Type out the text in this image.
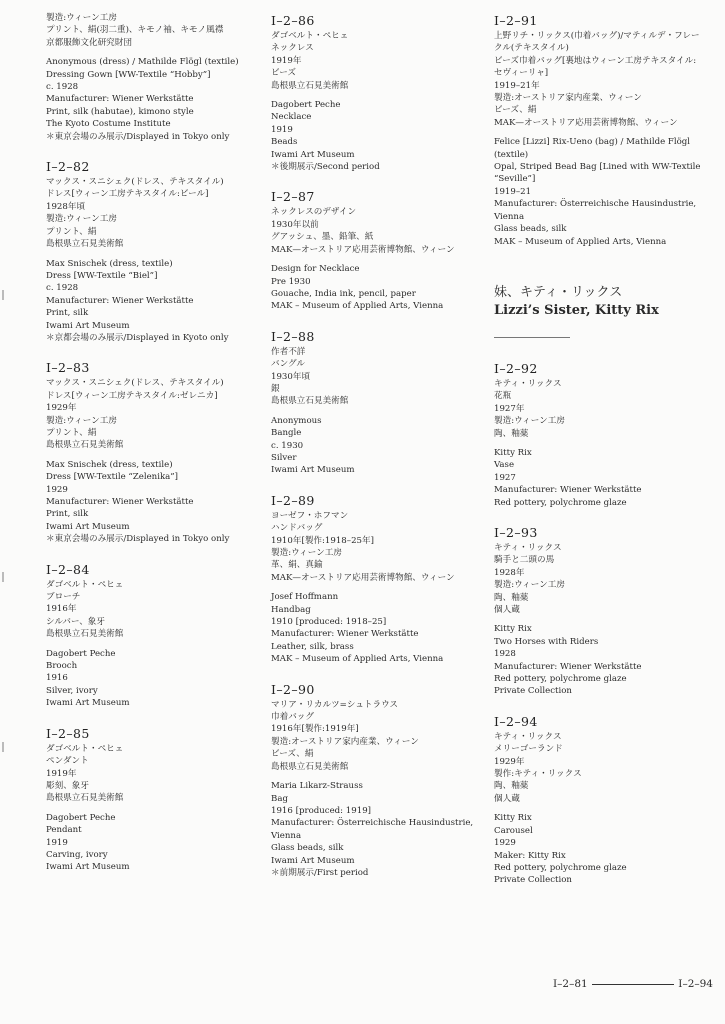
製造:ウィーン工房
プリント、絹(羽二重)、キモノ袖、キモノ風襟
京都服飾文化研究財団
Anonymous (dress) / Mathilde Flögl (textile)
Dressing Gown [WW-Textile “Hobby”]
c. 1928
Manufacturer: Wiener Werkstätte
Print, silk (habutae), kimono style
The Kyoto Costume Institute
＊東京会場のみ展示/Displayed in Tokyo only
I–2–82
マックス・スニシェク(ドレス、テキスタイル)
ドレス[ウィーン工房テキスタイル:ビール]
1928年頃
製造:ウィーン工房
プリント、絹
島根県立石見美術館
Max Snischek (dress, textile)
Dress [WW-Textile “Biel”]
c. 1928
Manufacturer: Wiener Werkstätte
Print, silk
Iwami Art Museum
＊京都会場のみ展示/Displayed in Kyoto only
I–2–83
マックス・スニシェク(ドレス、テキスタイル)
ドレス[ウィーン工房テキスタイル:ゼレニカ]
1929年
製造:ウィーン工房
プリント、絹
島根県立石見美術館
Max Snischek (dress, textile)
Dress [WW-Textile “Zelenika”]
1929
Manufacturer: Wiener Werkstätte
Print, silk
Iwami Art Museum
＊東京会場のみ展示/Displayed in Tokyo only
I–2–84
ダゴベルト・ペヒェ
ブローチ
1916年
シルバー、象牙
島根県立石見美術館
Dagobert Peche
Brooch
1916
Silver, ivory
Iwami Art Museum
I–2–85
ダゴベルト・ペヒェ
ペンダント
1919年
彫刻、象牙
島根県立石見美術館
Dagobert Peche
Pendant
1919
Carving, ivory
Iwami Art Museum
I–2–86
ダゴベルト・ペヒェ
ネックレス
1919年
ビーズ
島根県立石見美術館
Dagobert Peche
Necklace
1919
Beads
Iwami Art Museum
＊後期展示/Second period
I–2–87
ネックレスのデザイン
1930年以前
グアッシュ、墨、鉛筆、紙
MAK—オーストリア応用芸術博物館、ウィーン
Design for Necklace
Pre 1930
Gouache, India ink, pencil, paper
MAK – Museum of Applied Arts, Vienna
I–2–88
作者不詳
バングル
1930年頃
銀
島根県立石見美術館
Anonymous
Bangle
c. 1930
Silver
Iwami Art Museum
I–2–89
ヨーゼフ・ホフマン
ハンドバッグ
1910年[製作:1918–25年]
製造:ウィーン工房
革、絹、真鍮
MAK—オーストリア応用芸術博物館、ウィーン
Josef Hoffmann
Handbag
1910 [produced: 1918–25]
Manufacturer: Wiener Werkstätte
Leather, silk, brass
MAK – Museum of Applied Arts, Vienna
I–2–90
マリア・リカルツ=シュトラウス
巾着バッグ
1916年[製作:1919年]
製造:オーストリア家内産業、ウィーン
ビーズ、絹
島根県立石見美術館
Maria Likarz-Strauss
Bag
1916 [produced: 1919]
Manufacturer: Österreichische Hausindustrie,
Vienna
Glass beads, silk
Iwami Art Museum
＊前期展示/First period
I–2–91
上野リチ・リックス(巾着バッグ)/マティルデ・フレー
クル(テキスタイル)
ビーズ巾着バッグ[裏地はウィーン工房テキスタイル:
セヴィーリャ]
1919–21年
製造:オーストリア家内産業、ウィーン
ビーズ、絹
MAK—オーストリア応用芸術博物館、ウィーン
Felice [Lizzi] Rix-Ueno (bag) / Mathilde Flögl
(textile)
Opal, Striped Bead Bag [Lined with WW-Textile
“Seville”]
1919–21
Manufacturer: Österreichische Hausindustrie,
Vienna
Glass beads, silk
MAK – Museum of Applied Arts, Vienna
妹、キティ・リックス
Lizzi’s Sister, Kitty Rix
I–2–92
キティ・リックス
花瓶
1927年
製造:ウィーン工房
陶、釉薬
Kitty Rix
Vase
1927
Manufacturer: Wiener Werkstätte
Red pottery, polychrome glaze
I–2–93
キティ・リックス
騎手と二頭の馬
1928年
製造:ウィーン工房
陶、釉薬
個人蔵
Kitty Rix
Two Horses with Riders
1928
Manufacturer: Wiener Werkstätte
Red pottery, polychrome glaze
Private Collection
I–2–94
キティ・リックス
メリーゴーランド
1929年
製作:キティ・リックス
陶、釉薬
個人蔵
Kitty Rix
Carousel
1929
Maker: Kitty Rix
Red pottery, polychrome glaze
Private Collection
I–2–81	I–2–94
